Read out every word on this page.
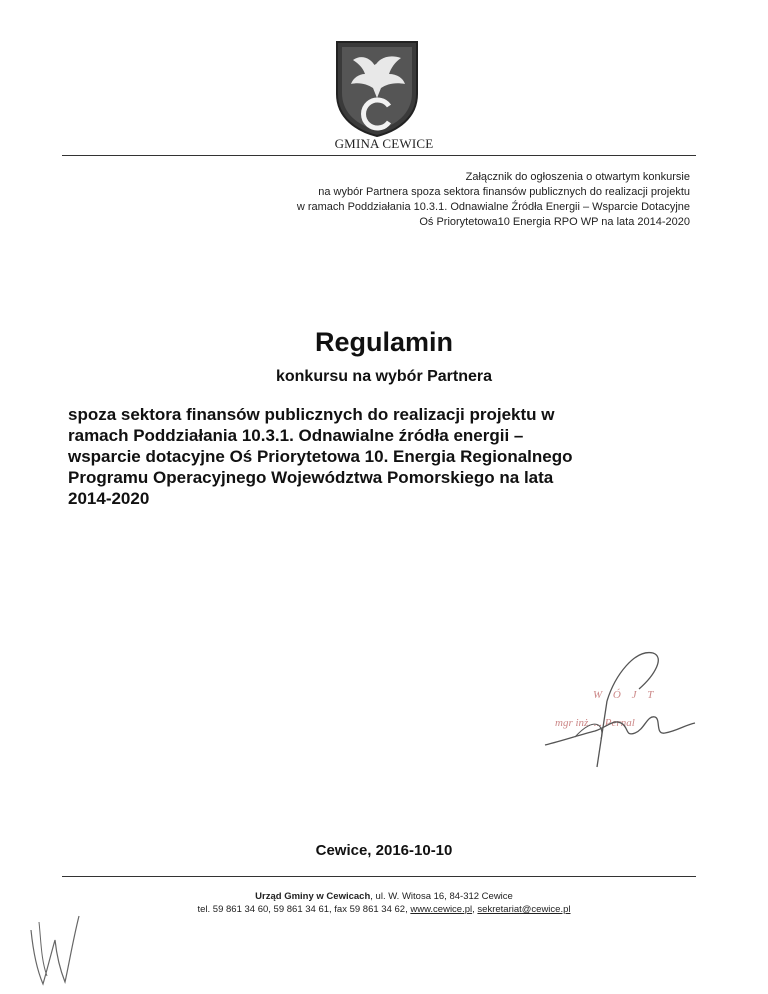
GMINA CEWICE
Załącznik do ogłoszenia o otwartym konkursie
na wybór Partnera spoza sektora finansów publicznych do realizacji projektu
w ramach Poddziałania 10.3.1. Odnawialne Źródła Energii – Wsparcie Dotacyjne
Oś Priorytetowa10 Energia RPO WP na lata 2014-2020
Regulamin
konkursu na wybór Partnera
spoza sektora finansów publicznych do realizacji projektu w
ramach Poddziałania 10.3.1. Odnawialne źródła energii –
wsparcie dotacyjne Oś Priorytetowa 10. Energia Regionalnego
Programu Operacyjnego Województwa Pomorskiego na lata
2014-2020
W Ó J T
mgr inż. ... Pernal
Cewice, 2016-10-10
Urząd Gminy w Cewicach, ul. W. Witosa 16, 84-312 Cewice
tel. 59 861 34 60, 59 861 34 61, fax 59 861 34 62, www.cewice.pl, sekretariat@cewice.pl
